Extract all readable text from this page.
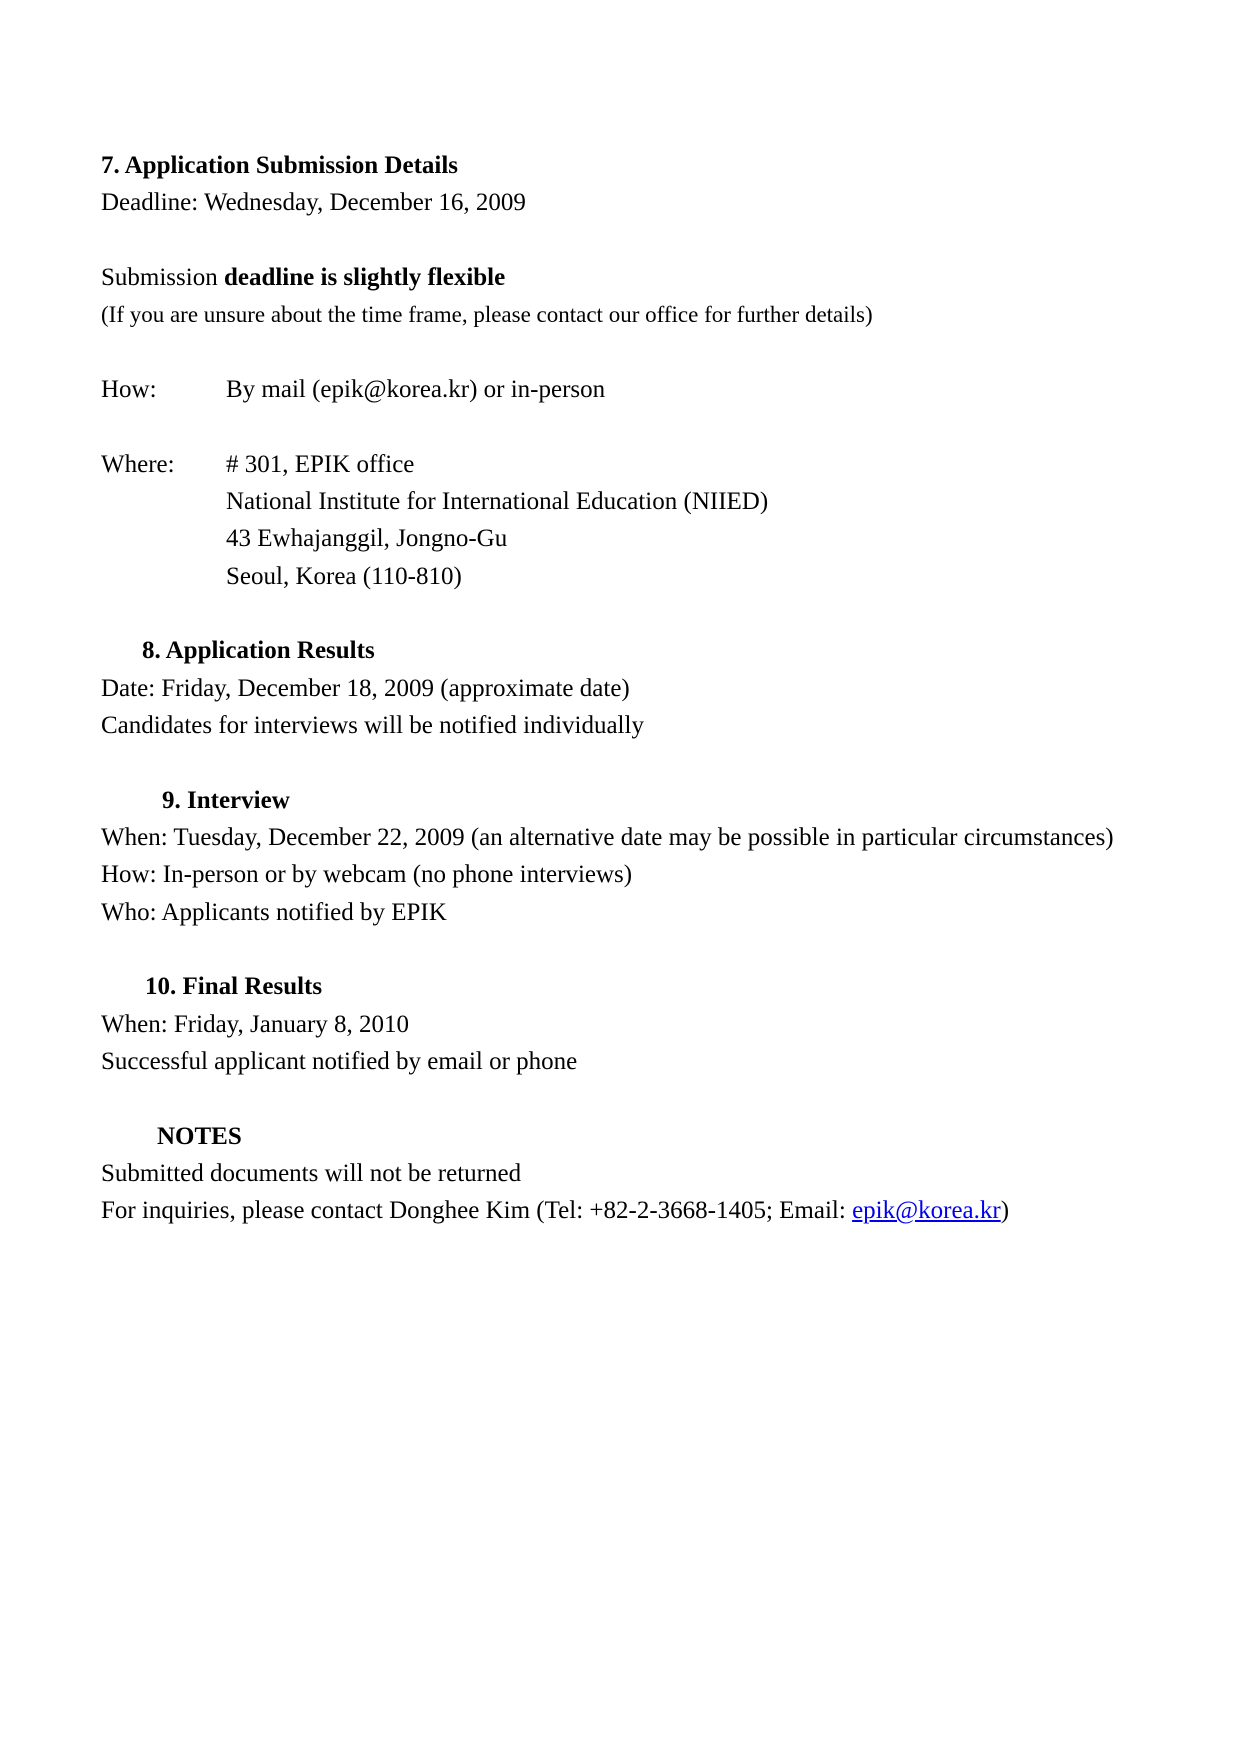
7. Application Submission Details
Deadline: Wednesday, December 16, 2009
Submission deadline is slightly flexible
(If you are unsure about the time frame, please contact our office for further details)
How:	By mail (epik@korea.kr) or in-person
Where:	# 301, EPIK office
National Institute for International Education (NIIED)
43 Ewhajanggil, Jongno-Gu
Seoul, Korea (110-810)
8. Application Results
Date: Friday, December 18, 2009 (approximate date)
Candidates for interviews will be notified individually
9. Interview
When: Tuesday, December 22, 2009 (an alternative date may be possible in particular circumstances)
How: In-person or by webcam (no phone interviews)
Who: Applicants notified by EPIK
10. Final Results
When: Friday, January 8, 2010
Successful applicant notified by email or phone
NOTES
Submitted documents will not be returned
For inquiries, please contact Donghee Kim (Tel: +82-2-3668-1405; Email: epik@korea.kr)
